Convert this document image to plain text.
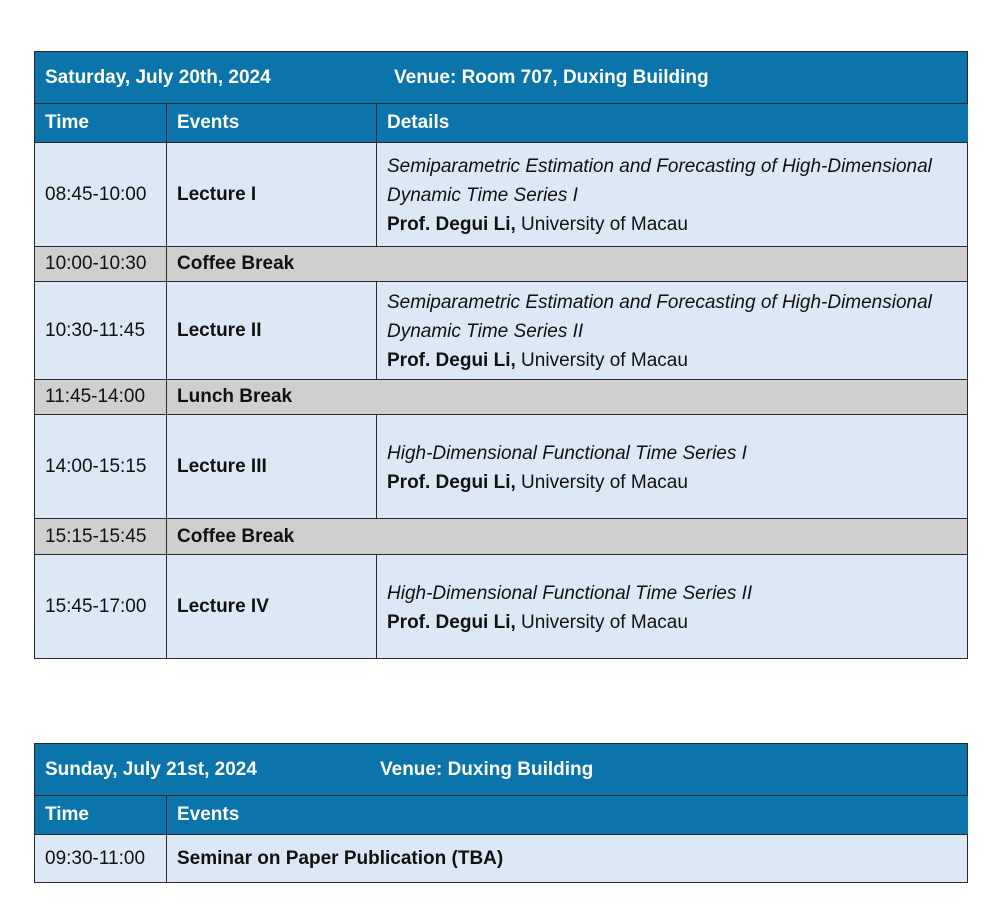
Saturday, July 20th, 2024 Venue: Room 707, Duxing Building		

Time	Events	Details
08:45-10:00	Lecture I	Semiparametric Estimation and Forecasting of High-Dimensional
Dynamic Time Series I
Prof. Degui Li, University of Macau

10:00-10:30	Coffee Break	
10:30-11:45	Lecture II	Semiparametric Estimation and Forecasting of High-Dimensional
Dynamic Time Series II
Prof. Degui Li, University of Macau

11:45-14:00	Lunch Break	
14:00-15:15	Lecture III	High-Dimensional Functional Time Series I
Prof. Degui Li, University of Macau

15:15-15:45	Coffee Break	
15:45-17:00	Lecture IV	High-Dimensional Functional Time Series II
Prof. Degui Li, University of Macau
Sunday, July 21st, 2024 Venue: Duxing Building	

Time	Events
09:30-11:00	Seminar on Paper Publication (TBA)
